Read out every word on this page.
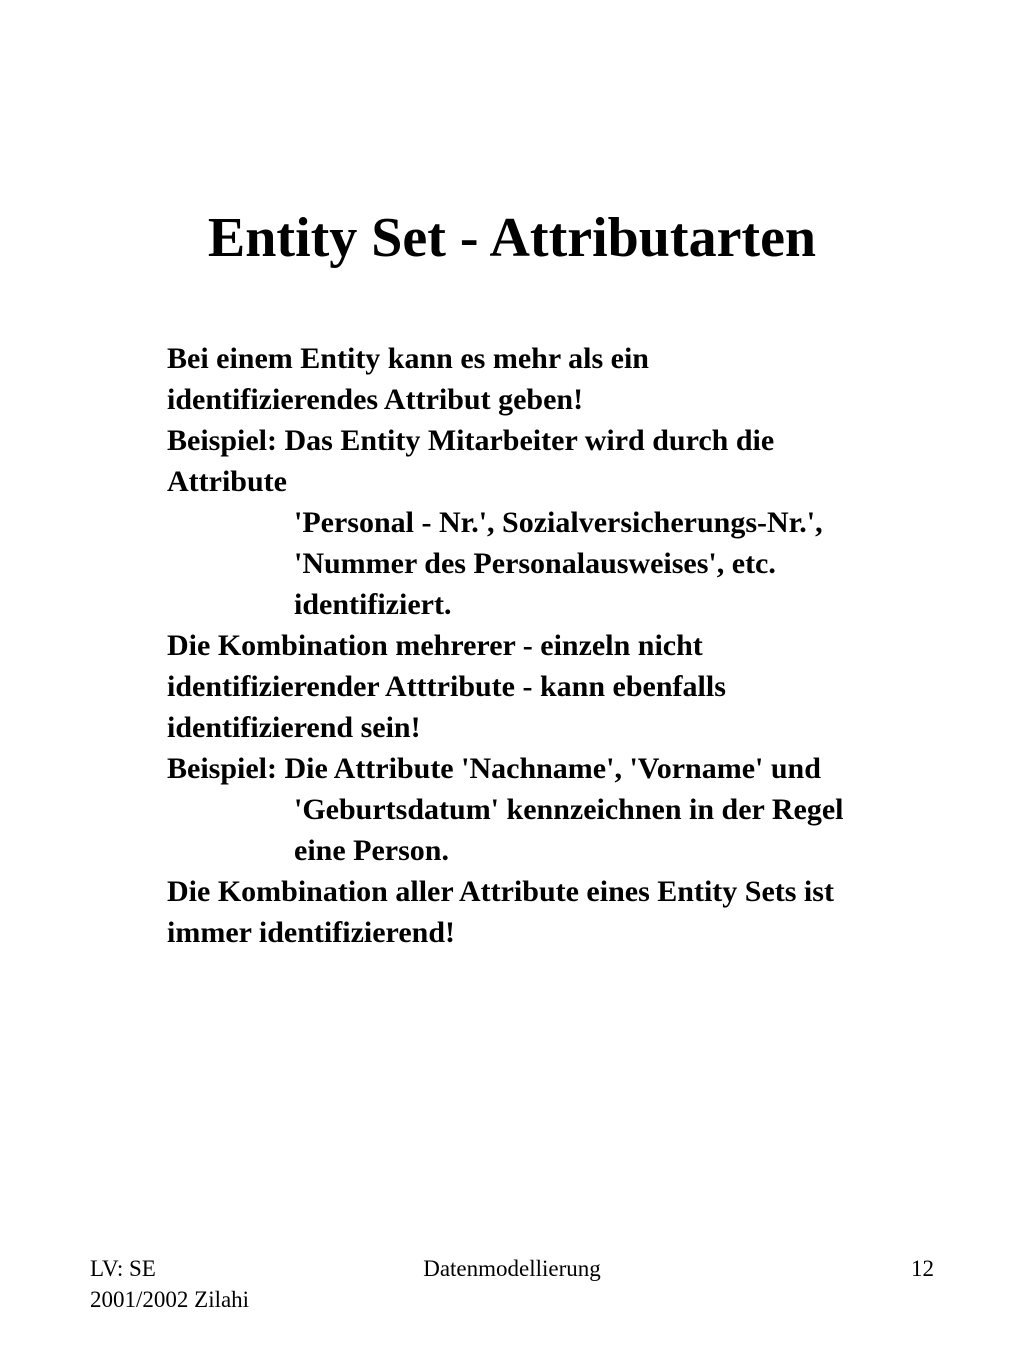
Entity Set - Attributarten
Bei einem Entity kann es mehr als ein
identifizierendes Attribut geben!
Beispiel: Das Entity Mitarbeiter wird durch die
Attribute
'Personal - Nr.', Sozialversicherungs-Nr.',
'Nummer des Personalausweises', etc.
identifiziert.
Die Kombination mehrerer - einzeln nicht
identifizierender Atttribute - kann ebenfalls
identifizierend sein!
Beispiel: Die Attribute 'Nachname', 'Vorname' und
'Geburtsdatum' kennzeichnen in der Regel
eine Person.
Die Kombination aller Attribute eines Entity Sets ist
immer identifizierend!
LV: SE
2001/2002 Zilahi
Datenmodellierung	12
